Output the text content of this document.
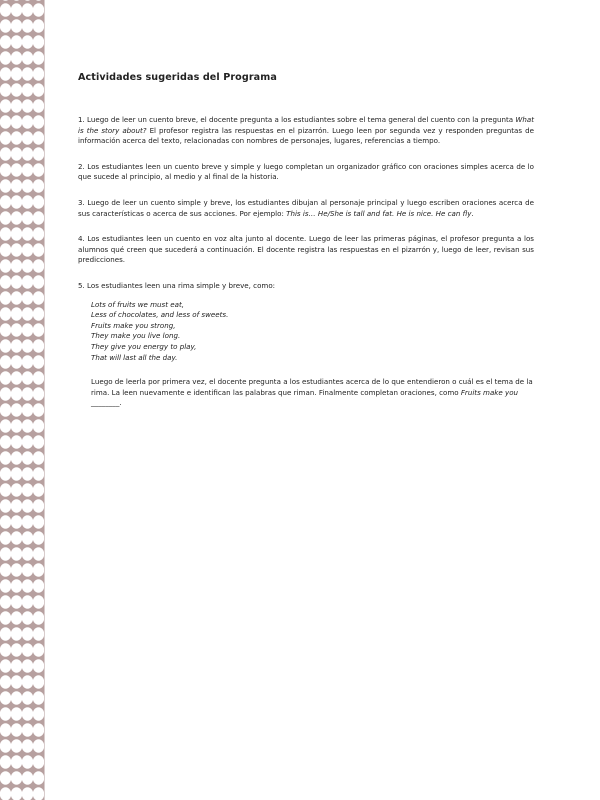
Actividades sugeridas del Programa
1. Luego de leer un cuento breve, el docente pregunta a los estudiantes sobre el tema general del cuento con la pregunta What is the story about? El profesor registra las respuestas en el pizarrón. Luego leen por segunda vez y responden preguntas de información acerca del texto, relacionadas con nombres de personajes, lugares, referencias a tiempo.
2. Los estudiantes leen un cuento breve y simple y luego completan un organizador gráfico con oraciones simples acerca de lo que sucede al principio, al medio y al final de la historia.
3. Luego de leer un cuento simple y breve, los estudiantes dibujan al personaje principal y luego escriben oraciones acerca de sus características o acerca de sus acciones. Por ejemplo: This is… He/She is tall and fat. He is nice. He can fly.
4. Los estudiantes leen un cuento en voz alta junto al docente. Luego de leer las primeras páginas, el profesor pregunta a los alumnos qué creen que sucederá a continuación. El docente registra las respuestas en el pizarrón y, luego de leer, revisan sus predicciones.
5. Los estudiantes leen una rima simple y breve, como:
Lots of fruits we must eat,
Less of chocolates, and less of sweets.
Fruits make you strong,
They make you live long.
They give you energy to play,
That will last all the day.
Luego de leerla por primera vez, el docente pregunta a los estudiantes acerca de lo que entendieron o cuál es el tema de la rima. La leen nuevamente e identifican las palabras que riman. Finalmente completan oraciones, como Fruits make you ________.
